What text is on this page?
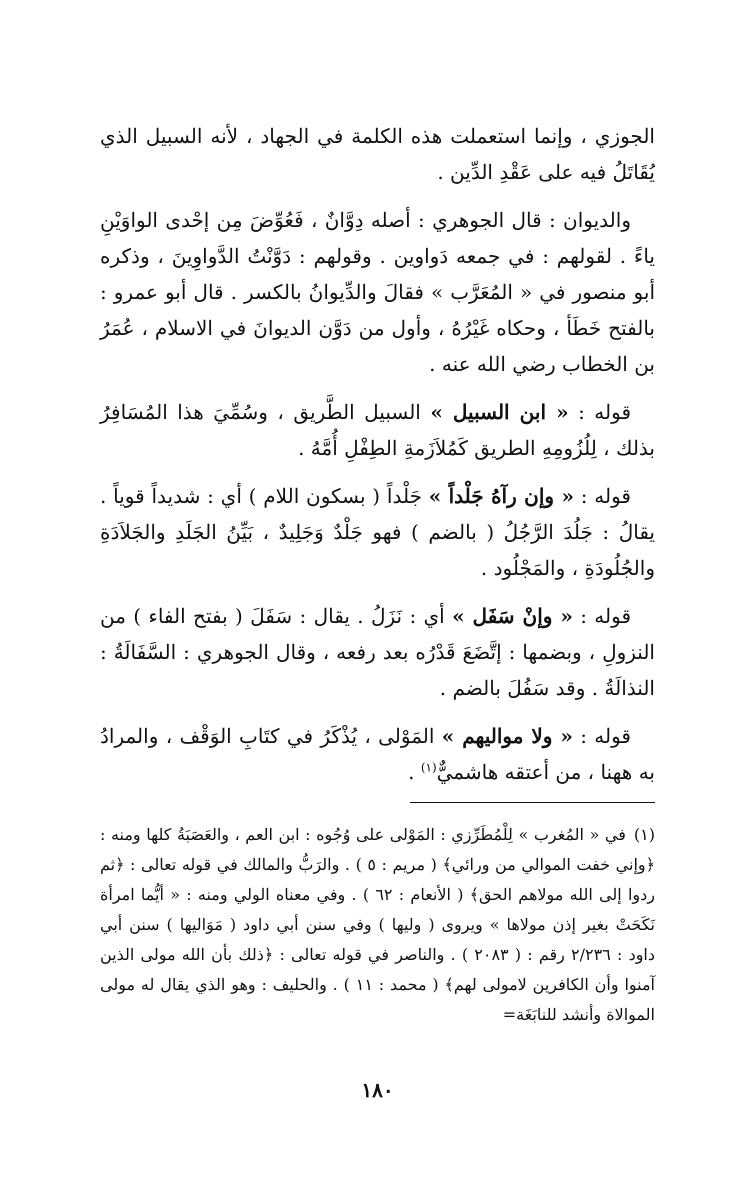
الجوزي ، وإنما استعملت هذه الكلمة في الجهاد ، لأنه السبيل الذي يُقَاتَلُ فيه على عَقْدِ الدِّين .

والديوان : قال الجوهري : أصله دِوَّانٌ ، فَعُوِّضَ مِن إحْدى الواوَيْنِ ياءً . لقولهم : في جمعه دَواوين . وقولهم : دَوَّنْتُ الدَّواوِينَ ، وذكره أبو منصور في « المُعَرَّب » فقالَ والدِّيوانُ بالكسر . قال أبو عمرو : بالفتح خَطَأ ، وحكاه غَيْرُهُ ، وأول من دَوَّن الديوانَ في الاسلام ، عُمَرُ بن الخطاب رضي الله عنه .

قوله : « ابن السبيل » السبيل الطَّريق ، وسُمِّيَ هذا المُسَافِرُ بذلك ، لِلُزُومِهِ الطريق كَمُلاَزَمةِ الطِفْلِ أُمَّهُ .

قوله : « وإن رآهُ جَلْداً » جَلْداً ( بسكون اللام ) أي : شديداً قوياً . يقالُ : جَلُدَ الرَّجُلُ ( بالضم ) فهو جَلْدٌ وَجَلِيدٌ ، بَيِّنُ الجَلَدِ والجَلاَدَةِ والجُلُودَةِ ، والمَجْلُود .

قوله : « وإنْ سَفَل » أي : نَزَلُ . يقال : سَفَلَ ( بفتح الفاء ) من النزولِ ، وبضمها : إتَّضَعَ قَدْرُه بعد رفعه ، وقال الجوهري : السَّفَالَةُ : النذالَةُ . وقد سَفُلَ بالضم .

قوله : « ولا مواليهم » المَوْلى ، يُذْكَرُ في كتَابِ الوَقْف ، والمرادُ به ههنا ، من أعتقه هاشميٌّ$^{(١)}$ .

(١)في « المُغرب » لِلْمُطَرِّزي : المَوْلى على وُجُوه : ابن العم ، والعَصَبَةُ كلها ومنه : ﴿وإني خفت الموالي من ورائي﴾ ( مريم : ٥ ) . والرَبُّ والمالك في قوله تعالى : ﴿ثم ردوا إلى الله مولاهم الحق﴾ ( الأنعام : ٦٢ ) . وفي معناه الولي ومنه : « أيُّما امرأة نَكَحَتْ بغير إذن مولاها » ويروى ( وليها ) وفي سنن أبي داود ( مَوَاليها ) سنن أبي داود : ٢/٢٣٦ رقم : ( ٢٠٨٣ ) . والناصر في قوله تعالى : ﴿ذلك بأن الله مولى الذين آمنوا وأن الكافرين لامولى لهم﴾ ( محمد : ١١ ) . والحليف : وهو الذي يقال له مولى الموالاة وأنشد للنابَغَة=

١٨٠
